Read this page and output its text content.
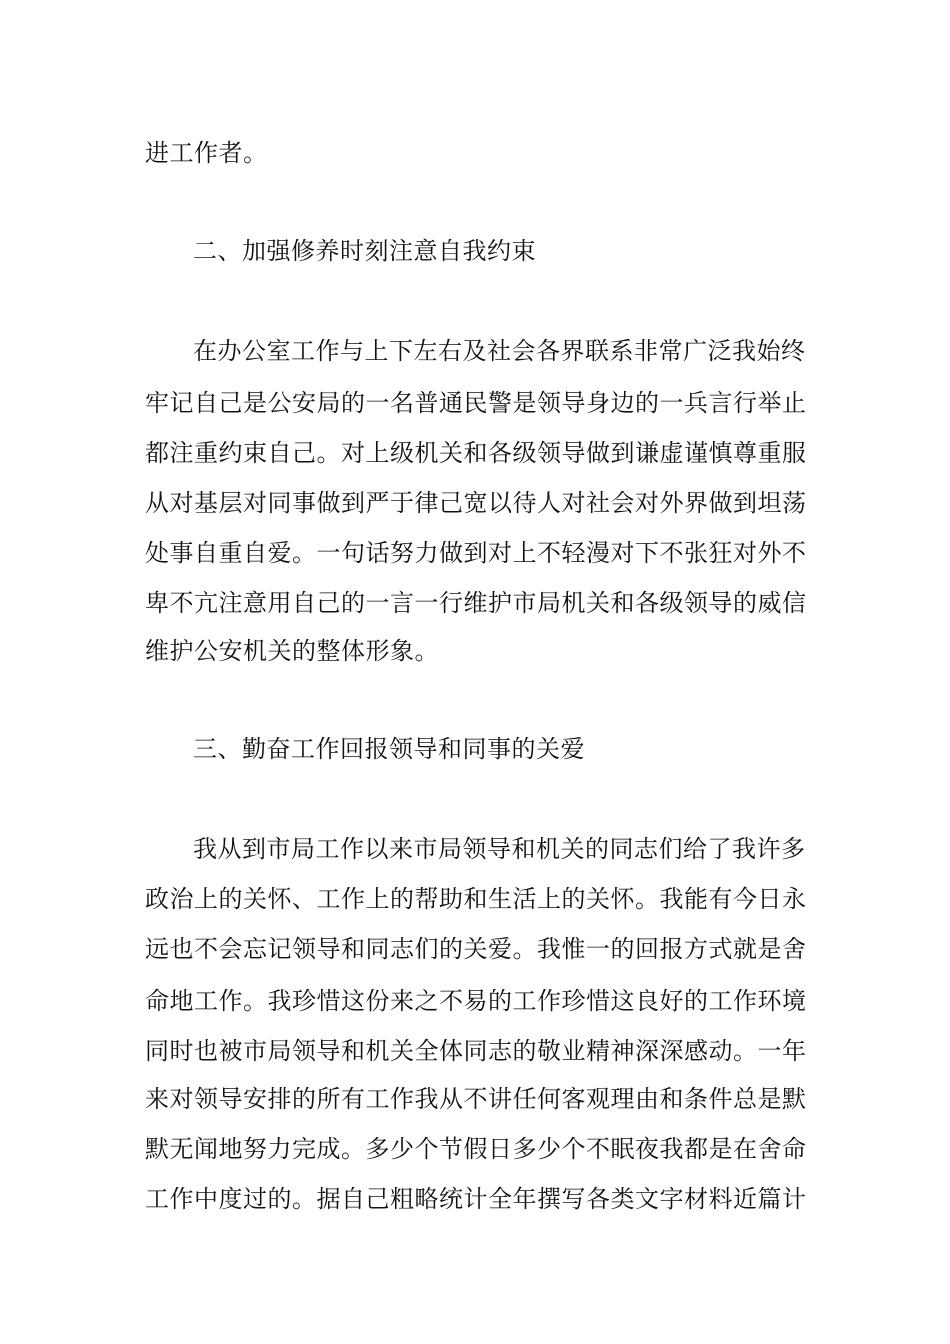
进工作者。
二、加强修养时刻注意自我约束
在办公室工作与上下左右及社会各界联系非常广泛我始终
牢记自己是公安局的一名普通民警是领导身边的一兵言行举止
都注重约束自己。对上级机关和各级领导做到谦虚谨慎尊重服
从对基层对同事做到严于律己宽以待人对社会对外界做到坦荡
处事自重自爱。一句话努力做到对上不轻漫对下不张狂对外不
卑不亢注意用自己的一言一行维护市局机关和各级领导的威信
维护公安机关的整体形象。
三、勤奋工作回报领导和同事的关爱
我从到市局工作以来市局领导和机关的同志们给了我许多
政治上的关怀、工作上的帮助和生活上的关怀。我能有今日永
远也不会忘记领导和同志们的关爱。我惟一的回报方式就是舍
命地工作。我珍惜这份来之不易的工作珍惜这良好的工作环境
同时也被市局领导和机关全体同志的敬业精神深深感动。一年
来对领导安排的所有工作我从不讲任何客观理由和条件总是默
默无闻地努力完成。多少个节假日多少个不眠夜我都是在舍命
工作中度过的。据自己粗略统计全年撰写各类文字材料近篇计
